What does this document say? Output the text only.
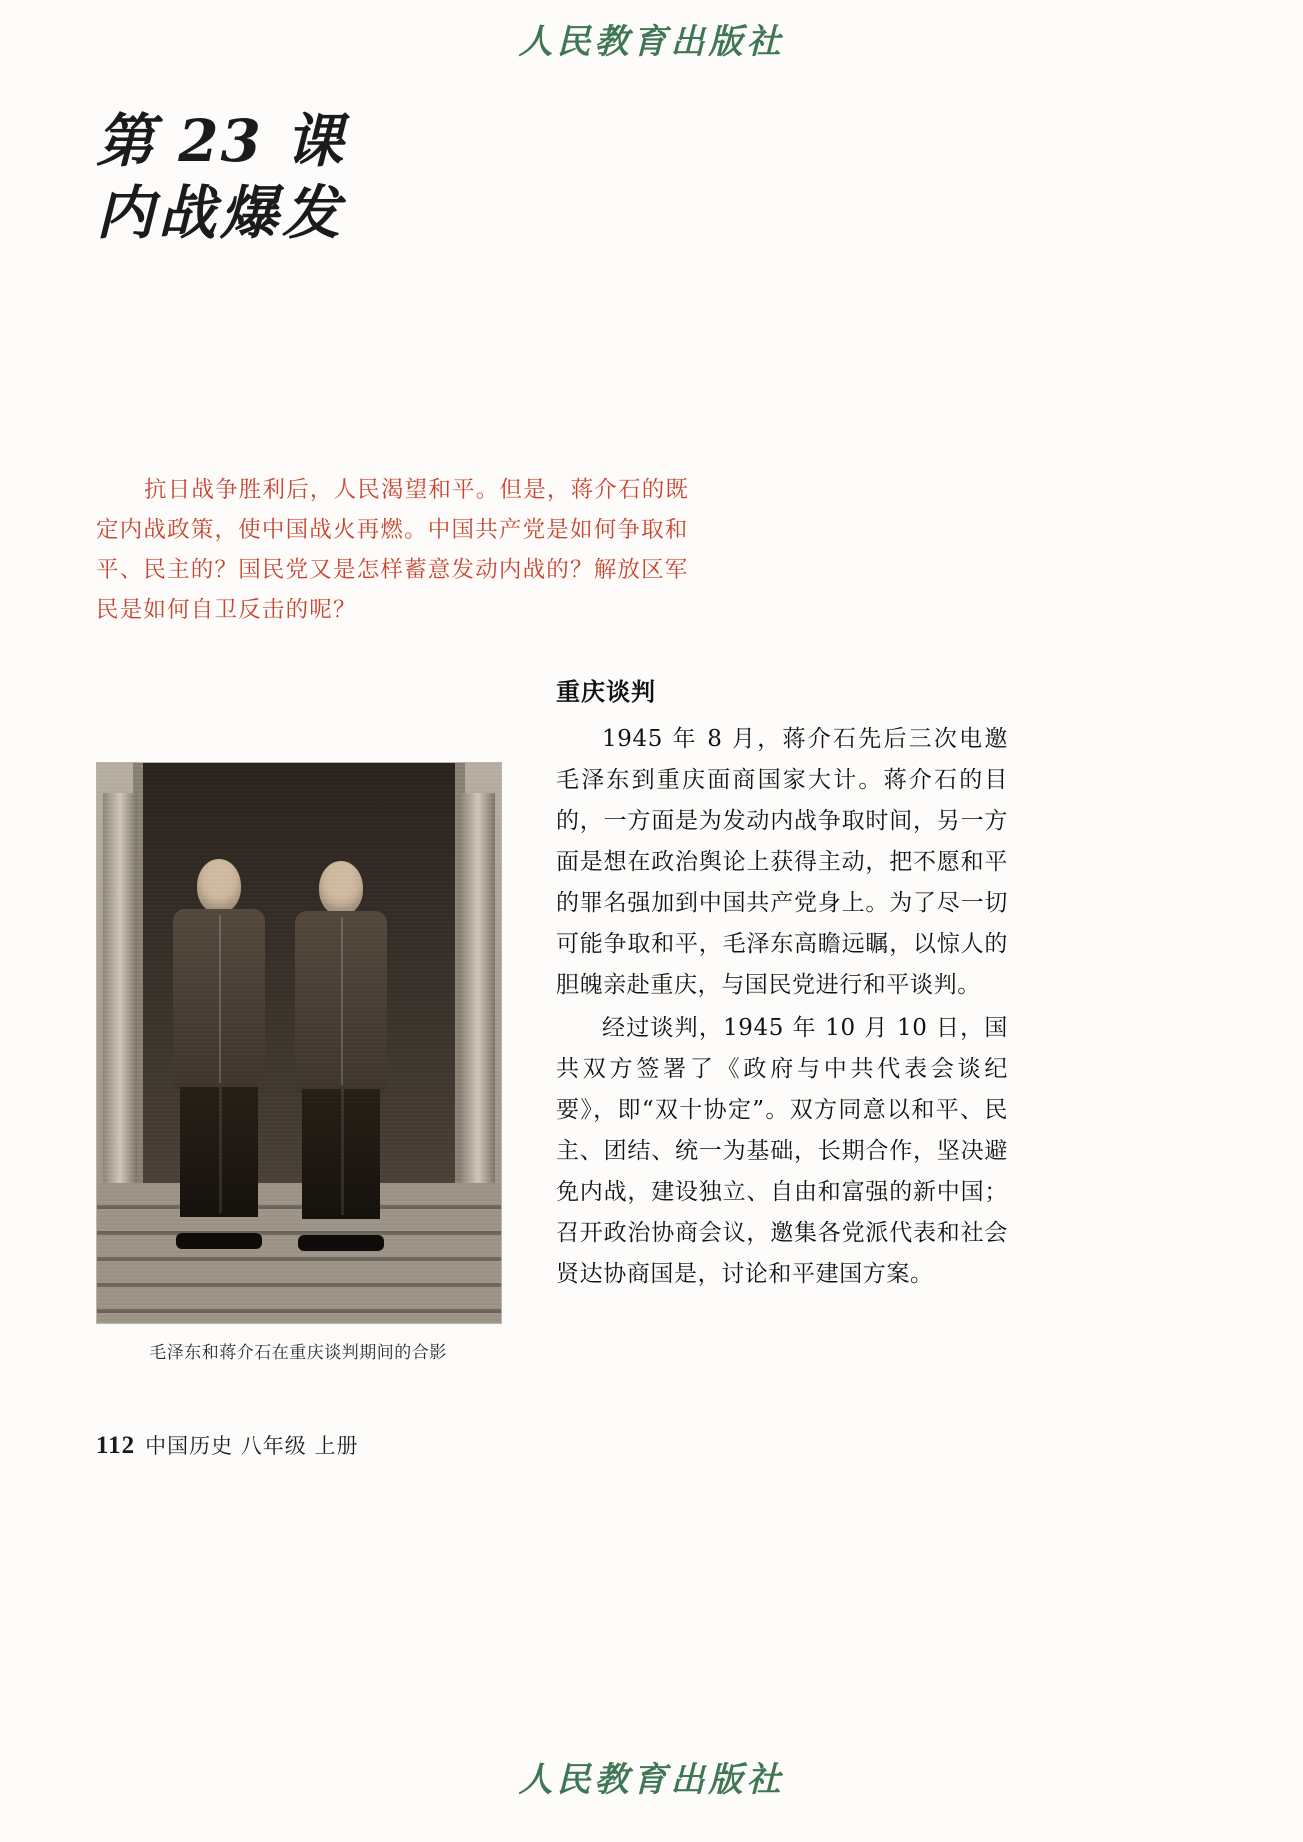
人民教育出版社
第 23 课
内战爆发
抗日战争胜利后，人民渴望和平。但是，蒋介石的既定内战政策，使中国战火再燃。中国共产党是如何争取和平、民主的？国民党又是怎样蓄意发动内战的？解放区军民是如何自卫反击的呢？
毛泽东和蒋介石在重庆谈判期间的合影
重庆谈判

1945 年 8 月，蒋介石先后三次电邀毛泽东到重庆面商国家大计。蒋介石的目的，一方面是为发动内战争取时间，另一方面是想在政治舆论上获得主动，把不愿和平的罪名强加到中国共产党身上。为了尽一切可能争取和平，毛泽东高瞻远瞩，以惊人的胆魄亲赴重庆，与国民党进行和平谈判。

经过谈判，1945 年 10 月 10 日，国共双方签署了《政府与中共代表会谈纪要》，即“双十协定”。双方同意以和平、民主、团结、统一为基础，长期合作，坚决避免内战，建设独立、自由和富强的新中国；召开政治协商会议，邀集各党派代表和社会贤达协商国是，讨论和平建国方案。

112 中国历史 八年级 上册
人民教育出版社
